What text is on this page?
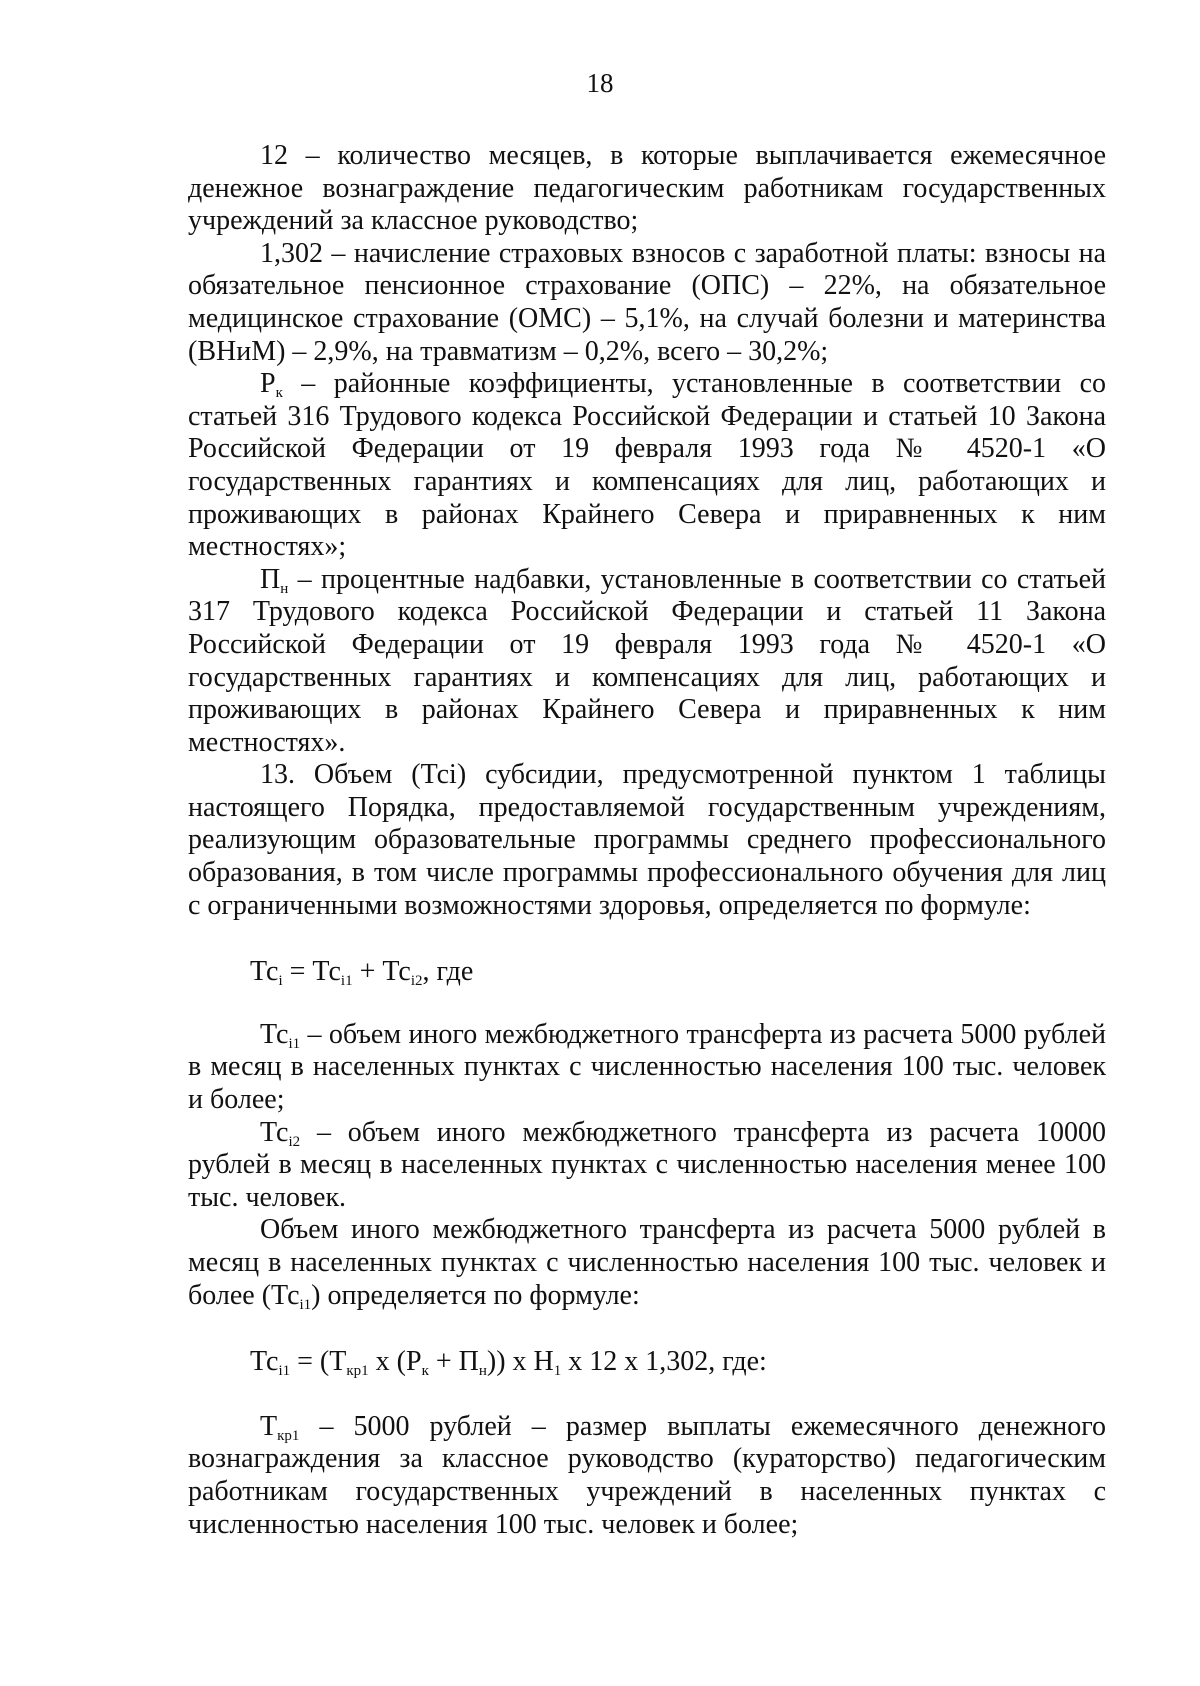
18

12 – количество месяцев, в которые выплачивается ежемесячное денежное вознаграждение педагогическим работникам государственных учреждений за классное руководство;

1,302 – начисление страховых взносов с заработной платы: взносы на обязательное пенсионное страхование (ОПС) – 22%, на обязательное медицинское страхование (ОМС) – 5,1%, на случай болезни и материнства (ВНиМ) – 2,9%, на травматизм – 0,2%, всего – 30,2%;

$Р_к$ – районные коэффициенты, установленные в соответствии со статьей 316 Трудового кодекса Российской Федерации и статьей 10 Закона Российской Федерации от 19 февраля 1993 года № 4520-1 «О государственных гарантиях и компенсациях для лиц, работающих и проживающих в районах Крайнего Севера и приравненных к ним местностях»;

$П_н$ – процентные надбавки, установленные в соответствии со статьей 317 Трудового кодекса Российской Федерации и статьей 11 Закона Российской Федерации от 19 февраля 1993 года № 4520-1 «О государственных гарантиях и компенсациях для лиц, работающих и проживающих в районах Крайнего Севера и приравненных к ним местностях».

13. Объем (Тсi) субсидии, предусмотренной пунктом 1 таблицы настоящего Порядка, предоставляемой государственным учреждениям, реализующим образовательные программы среднего профессионального образования, в том числе программы профессионального обучения для лиц с ограниченными возможностями здоровья, определяется по формуле:

$Тс_i = Тс_{i1} + Тс_{i2}$, где

$Тс_{i1}$ – объем иного межбюджетного трансферта из расчета 5000 рублей в месяц в населенных пунктах с численностью населения 100 тыс. человек и более;

$Тс_{i2}$ – объем иного межбюджетного трансферта из расчета 10000 рублей в месяц в населенных пунктах с численностью населения менее 100 тыс. человек.

Объем иного межбюджетного трансферта из расчета 5000 рублей в месяц в населенных пунктах с численностью населения 100 тыс. человек и более $(Тс_{i1})$ определяется по формуле:

$Тс_{i1} = (Т_{кр1}$ х $(Р_к + П_н)$) х $Н_1$ х 12 х 1,302, где:

$Т_{кр1} - 5000$ рублей – размер выплаты ежемесячного денежного вознаграждения за классное руководство (кураторство) педагогическим работникам государственных учреждений в населенных пунктах с численностью населения 100 тыс. человек и более;
